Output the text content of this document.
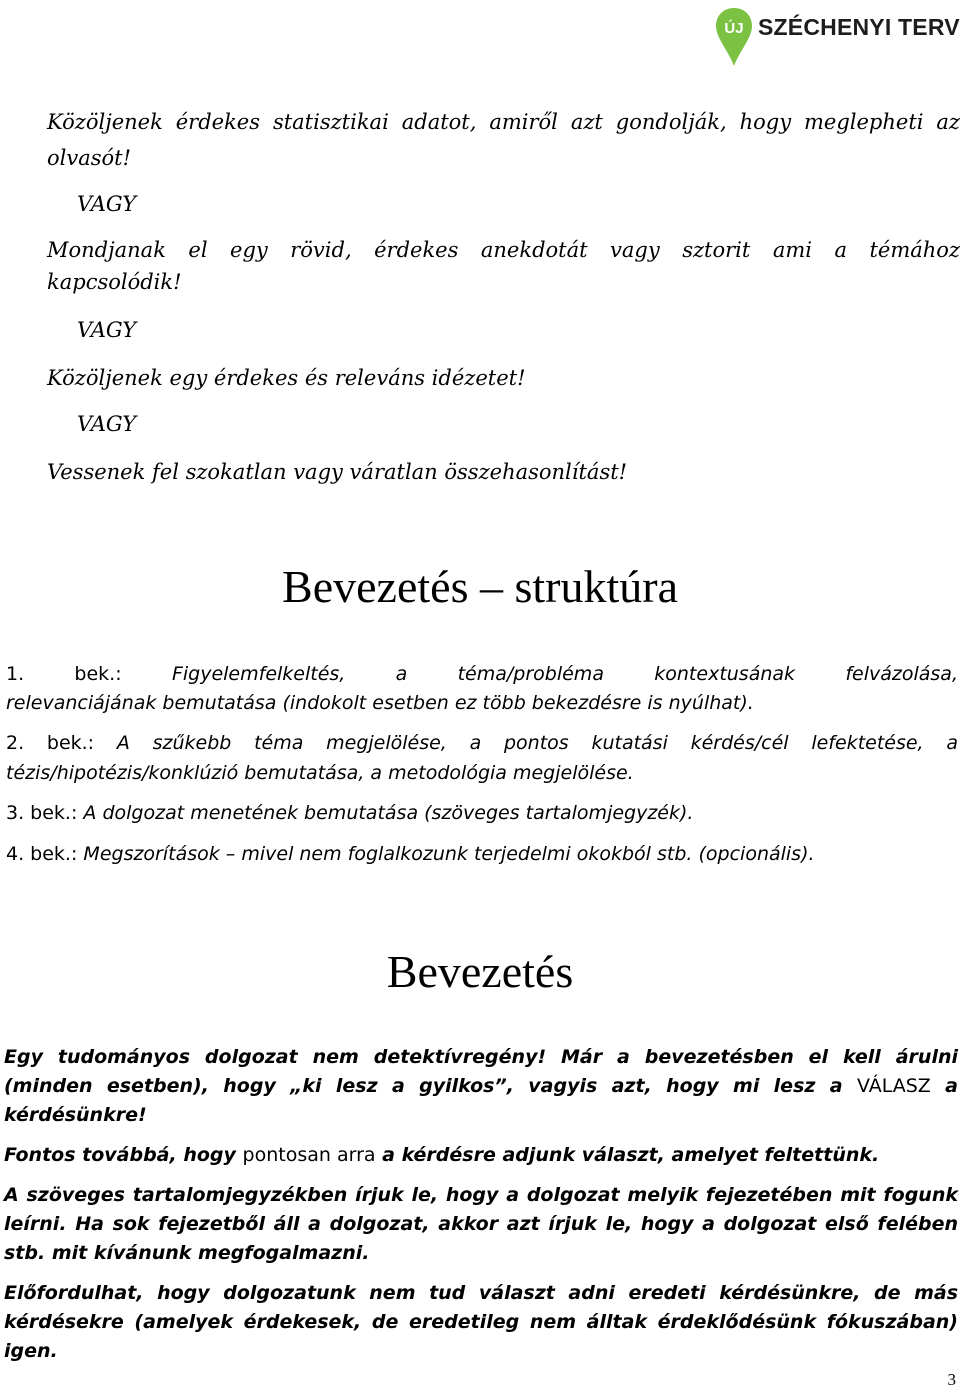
ÚJ SZÉCHENYI TERV
Közöljenek érdekes statisztikai adatot, amiről azt gondolják, hogy meglepheti az
olvasót!
VAGY
Mondjanak el egy rövid, érdekes anekdotát vagy sztorit ami a témához
kapcsolódik!
VAGY
Közöljenek egy érdekes és releváns idézetet!
VAGY
Vessenek fel szokatlan vagy váratlan összehasonlítást!
Bevezetés – struktúra
1. bek.:	Figyelemfelkeltés, a téma/probléma kontextusának felvázolása,
relevanciájának bemutatása (indokolt esetben ez több bekezdésre is nyúlhat).
2. bek.: A szűkebb téma megjelölése, a pontos kutatási kérdés/cél lefektetése, a
tézis/hipotézis/konklúzió bemutatása, a metodológia megjelölése.
3. bek.: A dolgozat menetének bemutatása (szöveges tartalomjegyzék).
4. bek.: Megszorítások – mivel nem foglalkozunk terjedelmi okokból stb. (opcionális).
Bevezetés
Egy tudományos dolgozat nem detektívregény! Már a bevezetésben el kell árulni
(minden esetben), hogy „ki lesz a gyilkos”, vagyis azt, hogy mi lesz a VÁLASZ a
kérdésünkre!
Fontos továbbá, hogy pontosan arra a kérdésre adjunk választ, amelyet feltettünk.
A szöveges tartalomjegyzékben írjuk le, hogy a dolgozat melyik fejezetében mit fogunk
leírni. Ha sok fejezetből áll a dolgozat, akkor azt írjuk le, hogy a dolgozat első felében
stb. mit kívánunk megfogalmazni.
Előfordulhat, hogy dolgozatunk nem tud választ adni eredeti kérdésünkre, de más
kérdésekre (amelyek érdekesek, de eredetileg nem álltak érdeklődésünk fókuszában)
igen.
3
